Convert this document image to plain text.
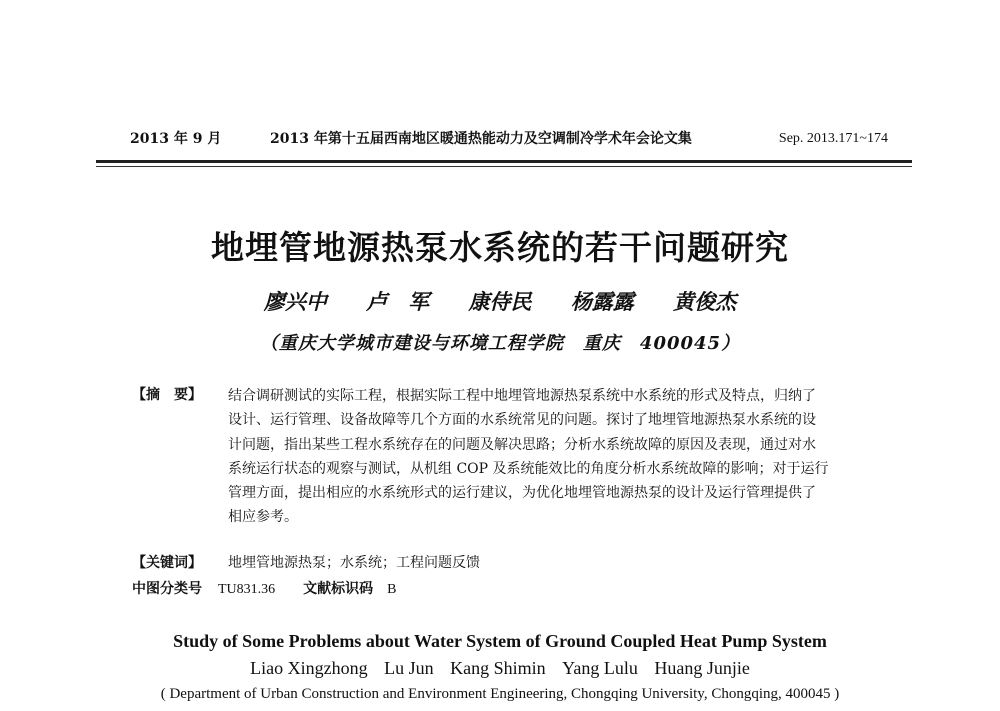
2013 年 9 月	2013 年第十五届西南地区暖通热能动力及空调制冷学术年会论文集	Sep. 2013.171~174
地埋管地源热泵水系统的若干问题研究
廖兴中 卢　军 康侍民 杨露露 黄俊杰
（重庆大学城市建设与环境工程学院　重庆　400045）
【摘　要】 结合调研测试的实际工程，根据实际工程中地埋管地源热泵系统中水系统的形式及特点，归纳了
设计、运行管理、设备故障等几个方面的水系统常见的问题。探讨了地埋管地源热泵水系统的设
计问题，指出某些工程水系统存在的问题及解决思路；分析水系统故障的原因及表现，通过对水
系统运行状态的观察与测试，从机组 COP 及系统能效比的角度分析水系统故障的影响；对于运行
管理方面，提出相应的水系统形式的运行建议，为优化地埋管地源热泵的设计及运行管理提供了
相应参考。
【关键词】 地埋管地源热泵；水系统；工程问题反馈
中图分类号 TU831.36 文献标识码 B
Study of Some Problems about Water System of Ground Coupled Heat Pump System
Liao Xingzhong Lu Jun Kang Shimin Yang Lulu Huang Junjie
( Department of Urban Construction and Environment Engineering, Chongqing University, Chongqing, 400045 )
